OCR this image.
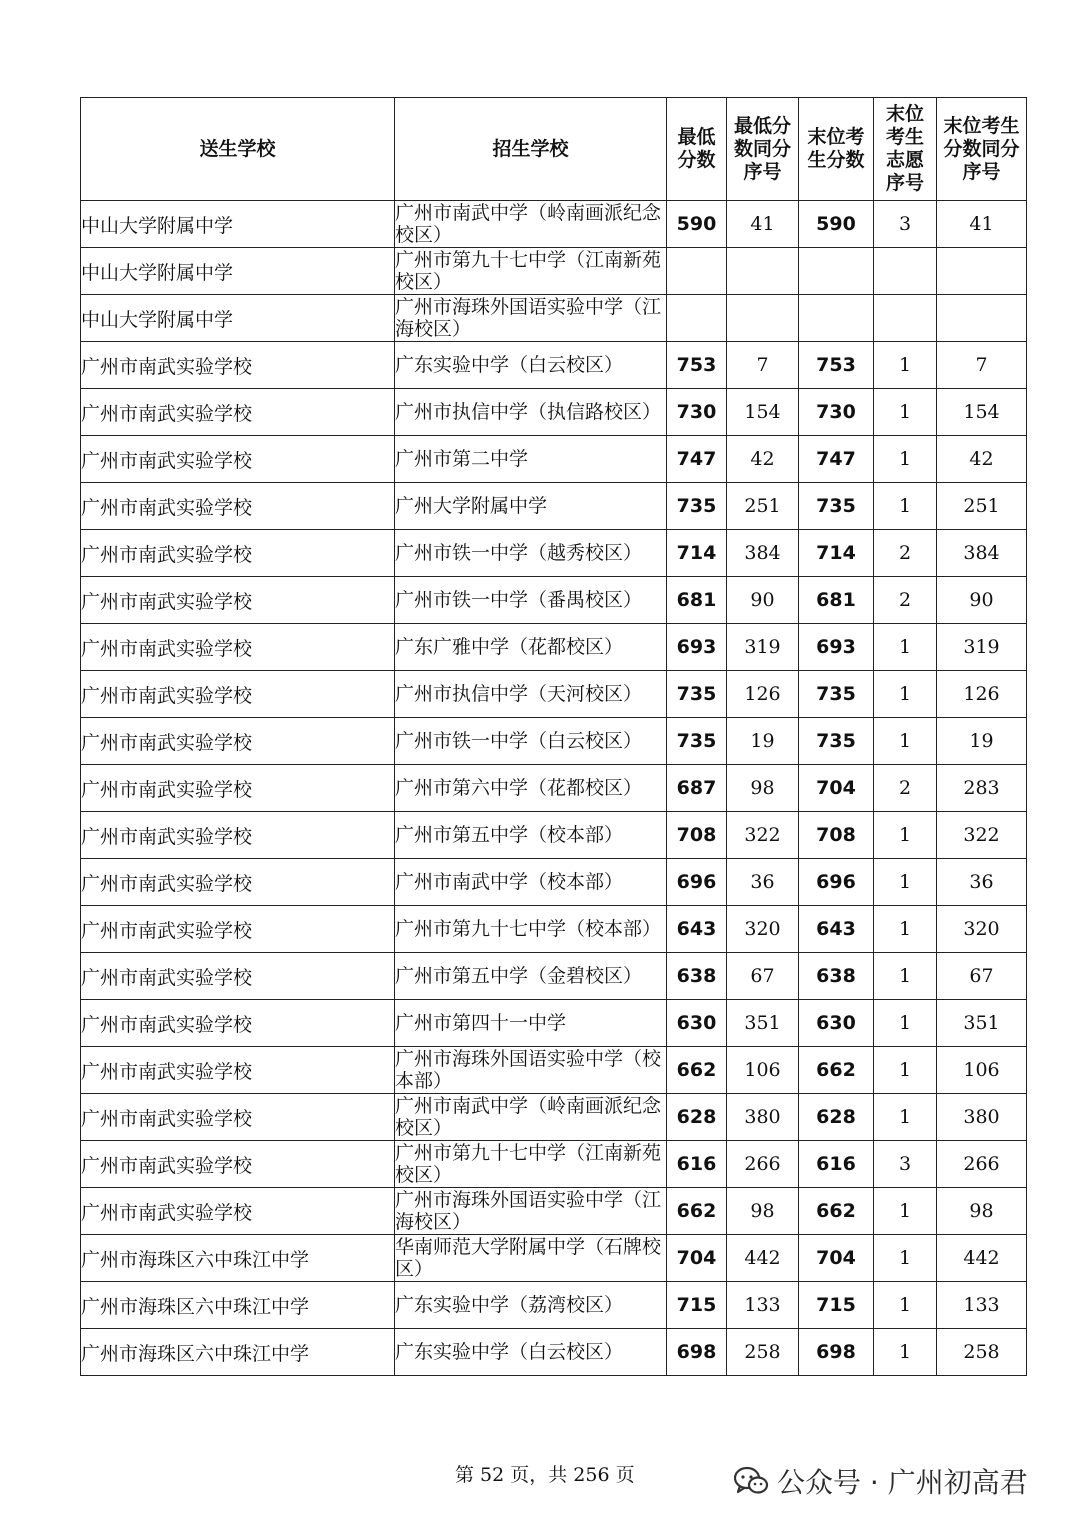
送生学校	招生学校	最低分数	最低分数同分序号	末位考生分数	末位考生志愿序号	末位考生分数同分序号
中山大学附属中学	广州市南武中学（岭南画派纪念校区）	590	41	590	3	41
中山大学附属中学	广州市第九十七中学（江南新苑校区）					
中山大学附属中学	广州市海珠外国语实验中学（江海校区）					
广州市南武实验学校	广东实验中学（白云校区）	753	7	753	1	7
广州市南武实验学校	广州市执信中学（执信路校区）	730	154	730	1	154
广州市南武实验学校	广州市第二中学	747	42	747	1	42
广州市南武实验学校	广州大学附属中学	735	251	735	1	251
广州市南武实验学校	广州市铁一中学（越秀校区）	714	384	714	2	384
广州市南武实验学校	广州市铁一中学（番禺校区）	681	90	681	2	90
广州市南武实验学校	广东广雅中学（花都校区）	693	319	693	1	319
广州市南武实验学校	广州市执信中学（天河校区）	735	126	735	1	126
广州市南武实验学校	广州市铁一中学（白云校区）	735	19	735	1	19
广州市南武实验学校	广州市第六中学（花都校区）	687	98	704	2	283
广州市南武实验学校	广州市第五中学（校本部）	708	322	708	1	322
广州市南武实验学校	广州市南武中学（校本部）	696	36	696	1	36
广州市南武实验学校	广州市第九十七中学（校本部）	643	320	643	1	320
广州市南武实验学校	广州市第五中学（金碧校区）	638	67	638	1	67
广州市南武实验学校	广州市第四十一中学	630	351	630	1	351
广州市南武实验学校	广州市海珠外国语实验中学（校本部）	662	106	662	1	106
广州市南武实验学校	广州市南武中学（岭南画派纪念校区）	628	380	628	1	380
广州市南武实验学校	广州市第九十七中学（江南新苑校区）	616	266	616	3	266
广州市南武实验学校	广州市海珠外国语实验中学（江海校区）	662	98	662	1	98
广州市海珠区六中珠江中学	华南师范大学附属中学（石牌校区）	704	442	704	1	442
广州市海珠区六中珠江中学	广东实验中学（荔湾校区）	715	133	715	1	133
广州市海珠区六中珠江中学	广东实验中学（白云校区）	698	258	698	1	258
第 52 页，共 256 页	公众号 · 广州初高君
